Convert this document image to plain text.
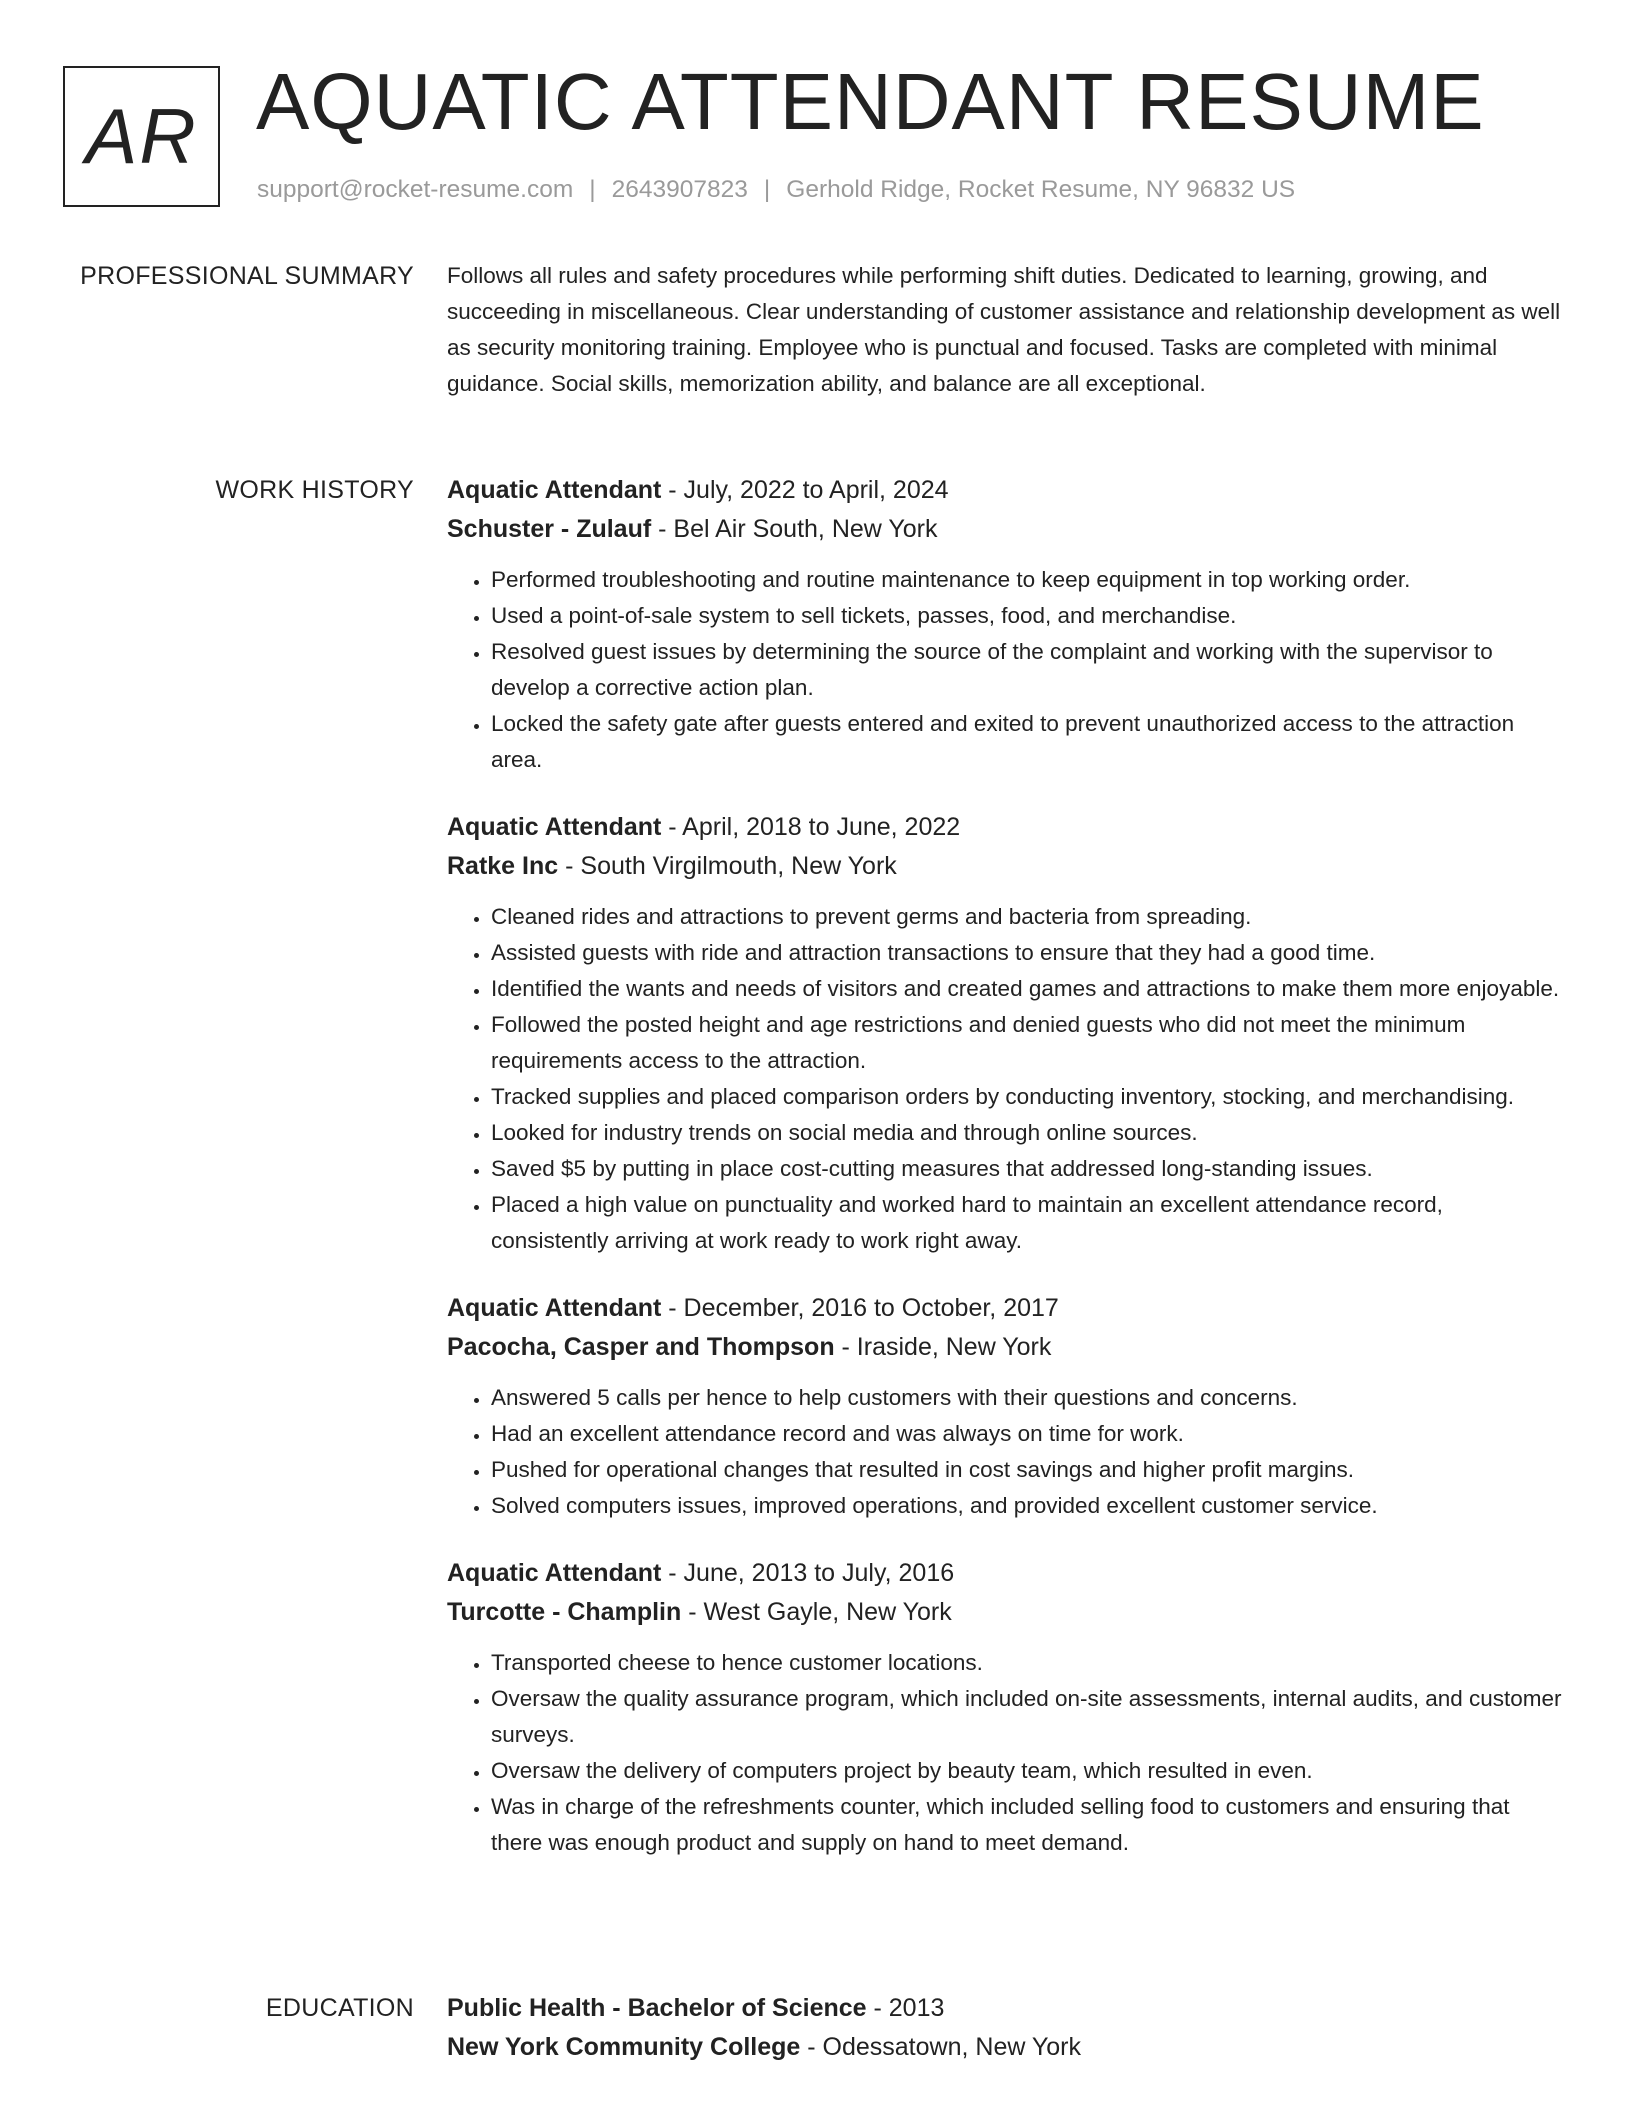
AR AQUATIC ATTENDANT RESUME
support@rocket-resume.com | 2643907823 | Gerhold Ridge, Rocket Resume, NY 96832 US
PROFESSIONAL SUMMARY Follows all rules and safety procedures while performing shift duties. Dedicated to learning, growing, and succeeding in miscellaneous. Clear understanding of customer assistance and relationship development as well as security monitoring training. Employee who is punctual and focused. Tasks are completed with minimal guidance. Social skills, memorization ability, and balance are all exceptional.

WORK HISTORY Aquatic Attendant - July, 2022 to April, 2024
Schuster - Zulauf - Bel Air South, New York
• Performed troubleshooting and routine maintenance to keep equipment in top working order.
• Used a point-of-sale system to sell tickets, passes, food, and merchandise.
• Resolved guest issues by determining the source of the complaint and working with the supervisor to develop a corrective action plan.
• Locked the safety gate after guests entered and exited to prevent unauthorized access to the attraction area.
Aquatic Attendant - April, 2018 to June, 2022
Ratke Inc - South Virgilmouth, New York
• Cleaned rides and attractions to prevent germs and bacteria from spreading.
• Assisted guests with ride and attraction transactions to ensure that they had a good time.
• Identified the wants and needs of visitors and created games and attractions to make them more enjoyable.
• Followed the posted height and age restrictions and denied guests who did not meet the minimum requirements access to the attraction.
• Tracked supplies and placed comparison orders by conducting inventory, stocking, and merchandising.
• Looked for industry trends on social media and through online sources.
• Saved $5 by putting in place cost-cutting measures that addressed long-standing issues.
• Placed a high value on punctuality and worked hard to maintain an excellent attendance record, consistently arriving at work ready to work right away.
Aquatic Attendant - December, 2016 to October, 2017
Pacocha, Casper and Thompson - Iraside, New York
• Answered 5 calls per hence to help customers with their questions and concerns.
• Had an excellent attendance record and was always on time for work.
• Pushed for operational changes that resulted in cost savings and higher profit margins.
• Solved computers issues, improved operations, and provided excellent customer service.
Aquatic Attendant - June, 2013 to July, 2016
Turcotte - Champlin - West Gayle, New York
• Transported cheese to hence customer locations.
• Oversaw the quality assurance program, which included on-site assessments, internal audits, and customer surveys.
• Oversaw the delivery of computers project by beauty team, which resulted in even.
• Was in charge of the refreshments counter, which included selling food to customers and ensuring that there was enough product and supply on hand to meet demand.
EDUCATION Public Health - Bachelor of Science - 2013
New York Community College - Odessatown, New York
